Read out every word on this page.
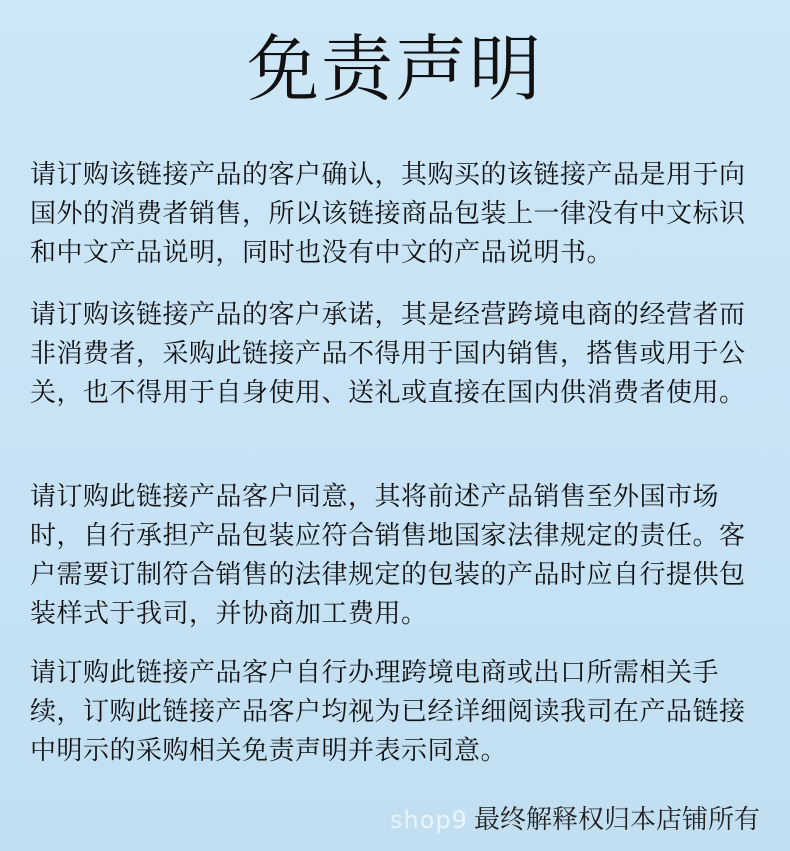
免责声明
请订购该链接产品的客户确认，其购买的该链接产品是用于向国外的消费者销售，所以该链接商品包装上一律没有中文标识和中文产品说明，同时也没有中文的产品说明书。
请订购该链接产品的客户承诺，其是经营跨境电商的经营者而非消费者，采购此链接产品不得用于国内销售，搭售或用于公关，也不得用于自身使用、送礼或直接在国内供消费者使用。
请订购此链接产品客户同意，其将前述产品销售至外国市场时，自行承担产品包装应符合销售地国家法律规定的责任。客户需要订制符合销售的法律规定的包装的产品时应自行提供包装样式于我司，并协商加工费用。
请订购此链接产品客户自行办理跨境电商或出口所需相关手续，订购此链接产品客户均视为已经详细阅读我司在产品链接中明示的采购相关免责声明并表示同意。
shop9 最终解释权归本店铺所有
